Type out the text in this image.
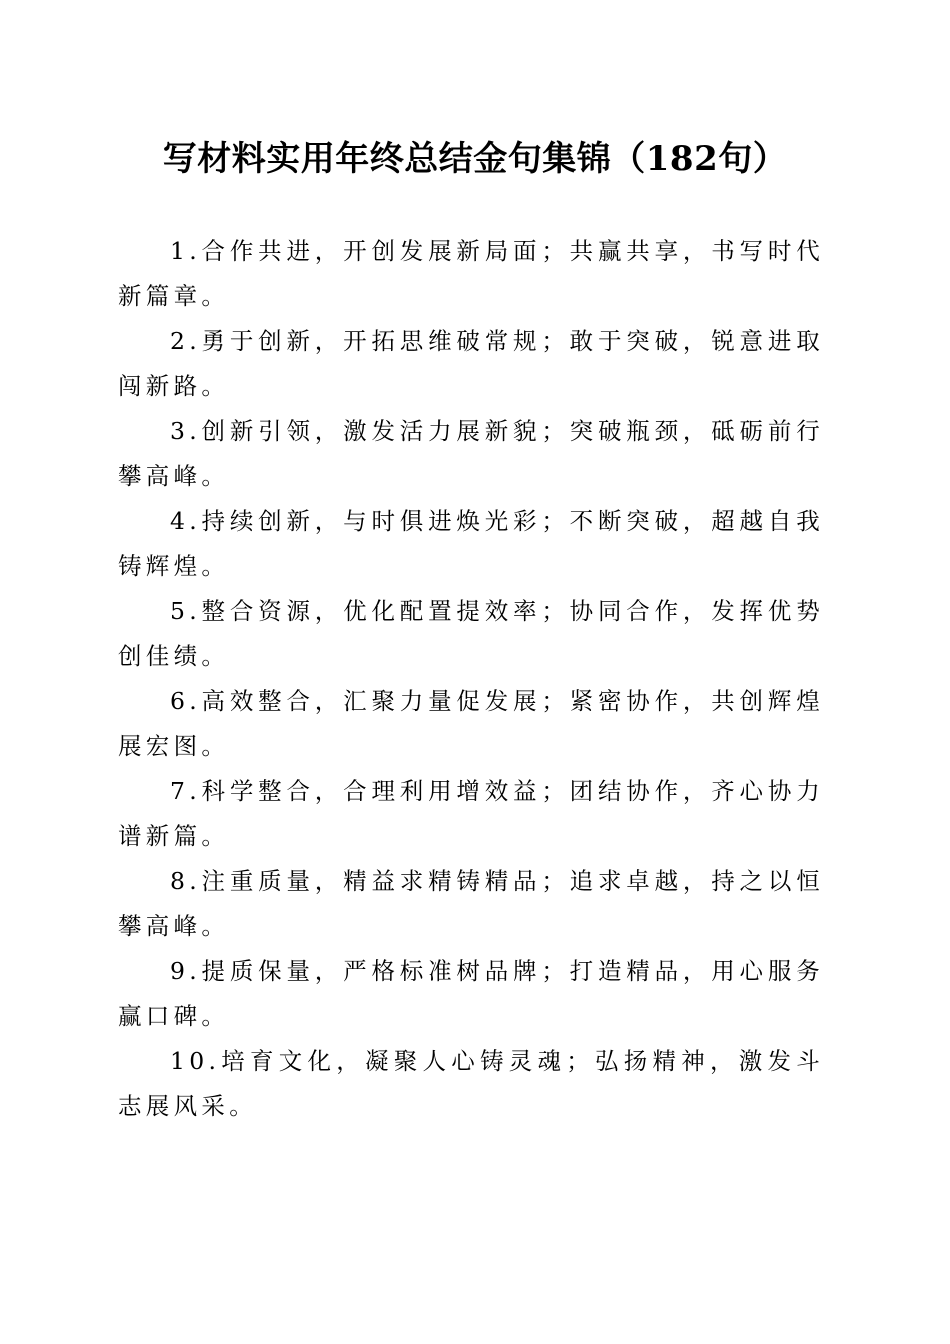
写材料实用年终总结金句集锦（182句）
1.合作共进，开创发展新局面；共赢共享，书写时代新篇章。
2.勇于创新，开拓思维破常规；敢于突破，锐意进取闯新路。
3.创新引领，激发活力展新貌；突破瓶颈，砥砺前行攀高峰。
4.持续创新，与时俱进焕光彩；不断突破，超越自我铸辉煌。
5.整合资源，优化配置提效率；协同合作，发挥优势创佳绩。
6.高效整合，汇聚力量促发展；紧密协作，共创辉煌展宏图。
7.科学整合，合理利用增效益；团结协作，齐心协力谱新篇。
8.注重质量，精益求精铸精品；追求卓越，持之以恒攀高峰。
9.提质保量，严格标准树品牌；打造精品，用心服务赢口碑。
10.培育文化，凝聚人心铸灵魂；弘扬精神，激发斗志展风采。
